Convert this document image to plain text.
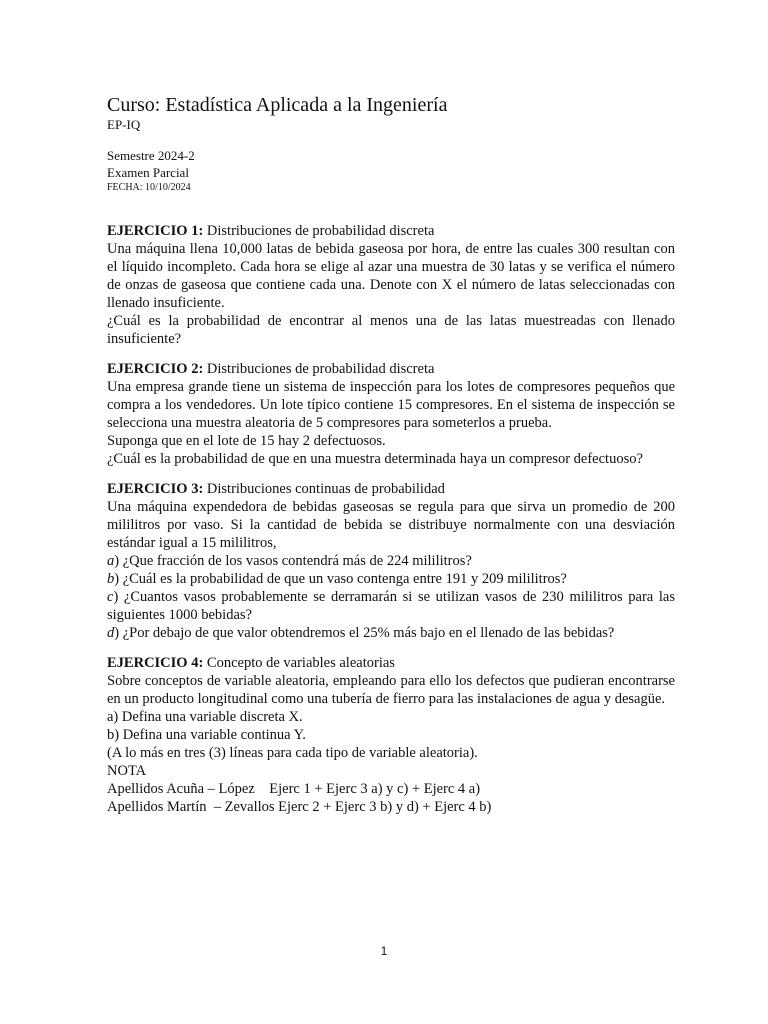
Curso: Estadística Aplicada a la Ingeniería

EP-IQ

Semestre 2024-2

Examen Parcial

FECHA: 10/10/2024

EJERCICIO 1: Distribuciones de probabilidad discreta

Una máquina llena 10,000 latas de bebida gaseosa por hora, de entre las cuales 300 resultan con el líquido incompleto. Cada hora se elige al azar una muestra de 30 latas y se verifica el número de onzas de gaseosa que contiene cada una. Denote con X el número de latas seleccionadas con llenado insuficiente.

¿Cuál es la probabilidad de encontrar al menos una de las latas muestreadas con llenado insuficiente?

EJERCICIO 2: Distribuciones de probabilidad discreta

Una empresa grande tiene un sistema de inspección para los lotes de compresores pequeños que compra a los vendedores. Un lote típico contiene 15 compresores. En el sistema de inspección se selecciona una muestra aleatoria de 5 compresores para someterlos a prueba.

Suponga que en el lote de 15 hay 2 defectuosos.

¿Cuál es la probabilidad de que en una muestra determinada haya un compresor defectuoso?

EJERCICIO 3: Distribuciones continuas de probabilidad

Una máquina expendedora de bebidas gaseosas se regula para que sirva un promedio de 200 mililitros por vaso. Si la cantidad de bebida se distribuye normalmente con una desviación estándar igual a 15 mililitros,

a) ¿Que fracción de los vasos contendrá más de 224 mililitros?

b) ¿Cuál es la probabilidad de que un vaso contenga entre 191 y 209 mililitros?

c) ¿Cuantos vasos probablemente se derramarán si se utilizan vasos de 230 mililitros para las siguientes 1000 bebidas?

d) ¿Por debajo de que valor obtendremos el 25% más bajo en el llenado de las bebidas?

EJERCICIO 4: Concepto de variables aleatorias

Sobre conceptos de variable aleatoria, empleando para ello los defectos que pudieran encontrarse en un producto longitudinal como una tubería de fierro para las instalaciones de agua y desagüe.

a) Defina una variable discreta X.

b) Defina una variable continua Y.

(A lo más en tres (3) líneas para cada tipo de variable aleatoria).

NOTA

Apellidos Acuña – López    Ejerc 1 + Ejerc 3 a) y c) + Ejerc 4 a)

Apellidos Martín  – Zevallos Ejerc 2 + Ejerc 3 b) y d) + Ejerc 4 b)

1
